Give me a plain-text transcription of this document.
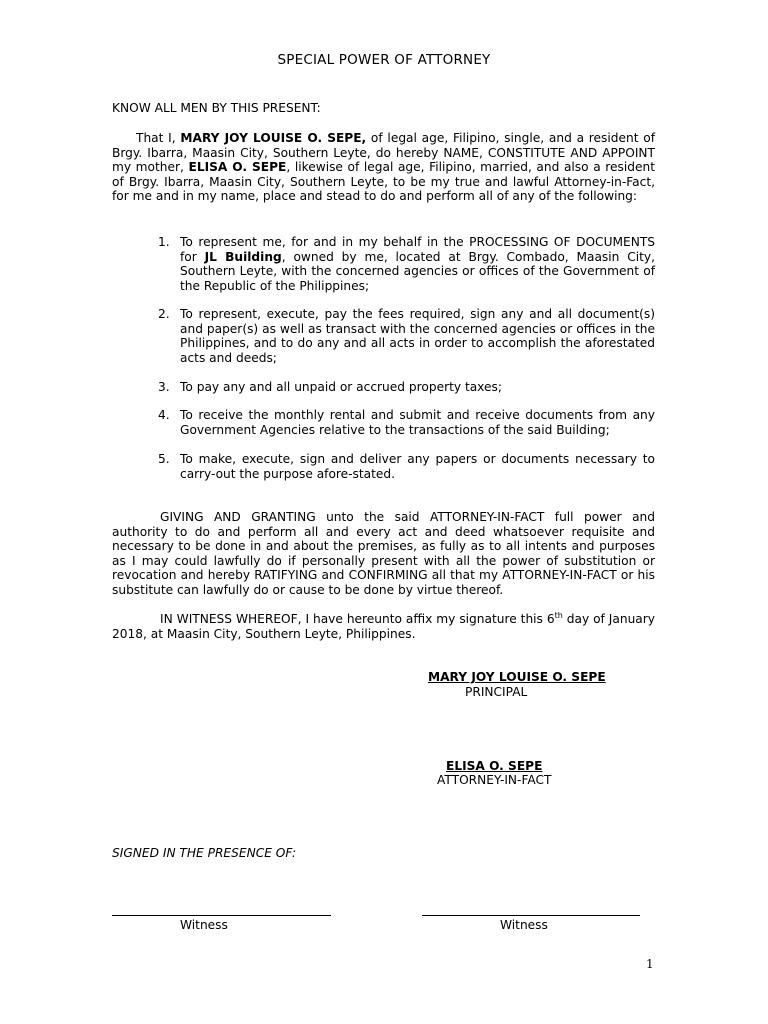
SPECIAL POWER OF ATTORNEY
KNOW ALL MEN BY THIS PRESENT:
That I, MARY JOY LOUISE O. SEPE, of legal age, Filipino, single, and a resident of Brgy. Ibarra, Maasin City, Southern Leyte, do hereby NAME, CONSTITUTE AND APPOINT my mother, ELISA O. SEPE, likewise of legal age, Filipino, married, and also a resident of Brgy. Ibarra, Maasin City, Southern Leyte, to be my true and lawful Attorney-in-Fact, for me and in my name, place and stead to do and perform all of any of the following:
1. To represent me, for and in my behalf in the PROCESSING OF DOCUMENTS for JL Building, owned by me, located at Brgy. Combado, Maasin City, Southern Leyte, with the concerned agencies or offices of the Government of the Republic of the Philippines;
2. To represent, execute, pay the fees required, sign any and all document(s) and paper(s) as well as transact with the concerned agencies or offices in the Philippines, and to do any and all acts in order to accomplish the aforestated acts and deeds;
3. To pay any and all unpaid or accrued property taxes;
4. To receive the monthly rental and submit and receive documents from any Government Agencies relative to the transactions of the said Building;
5. To make, execute, sign and deliver any papers or documents necessary to carry-out the purpose afore-stated.
GIVING AND GRANTING unto the said ATTORNEY-IN-FACT full power and authority to do and perform all and every act and deed whatsoever requisite and necessary to be done in and about the premises, as fully as to all intents and purposes as I may could lawfully do if personally present with all the power of substitution or revocation and hereby RATIFYING and CONFIRMING all that my ATTORNEY-IN-FACT or his substitute can lawfully do or cause to be done by virtue thereof.
IN WITNESS WHEREOF, I have hereunto affix my signature this 6th day of January 2018, at Maasin City, Southern Leyte, Philippines.
MARY JOY LOUISE O. SEPE
PRINCIPAL
ELISA O. SEPE
ATTORNEY-IN-FACT
SIGNED IN THE PRESENCE OF:
Witness	Witness
1
